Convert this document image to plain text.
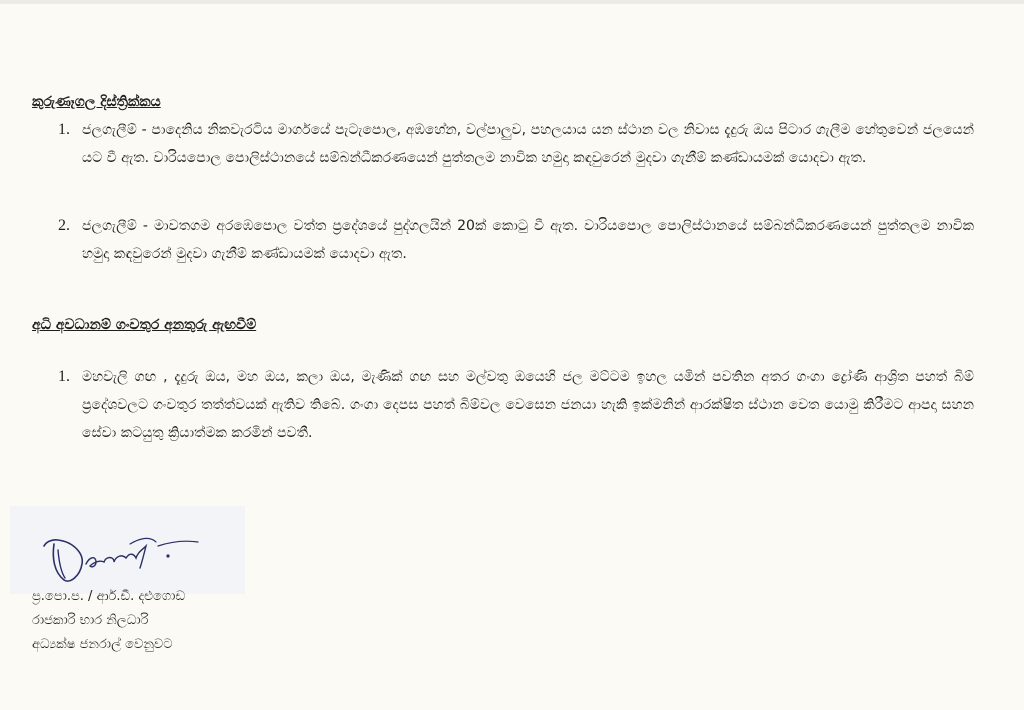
කුරුණෑගල දිස්ත්‍රික්කය
1. ජලගැලීම් - පාදෙනිය නිකවැරටිය මාර්ගයේ පැටැපොල, අඹහේන, වල්පාලුව, පහලයාය යන ස්ථාන වල නිවාස දැදුරු ඔය පිටාර ගැලීම හේතුවෙන් ජලයෙන් යට වී ඇත. වාරියපොල පොලිස්ථානයේ සම්බන්ධීකරණයෙන් පුත්තලම නාවික හමුදා කඳවුරෙන් මුදවා ගැනීම් කණ්ඩායමක් යොදවා ඇත.
2. ජලගැලීම් - මාවතගම අරඹෙපොල වත්ත ප්‍රදේශයේ පුද්ගලයින් 20ක් කොටු වී ඇත. වාරියපොල පොලිස්ථානයේ සම්බන්ධීකරණයෙන් පුත්තලම නාවික හමුදා කඳවුරෙන් මුදවා ගැනීම් කණ්ඩායමක් යොදවා ඇත.
අධි අවධානම් ගංවතුර අනතුරු ඇඟවීම්
1. මහවැලි ගඟ , දැදුරු ඔය, මහ ඔය, කලා ඔය, මැණික් ගඟ සහ මල්වතු ඔයෙහි ජල මට්ටම ඉහල යමින් පවතින අතර ගංගා ද්‍රෝණි ආශ්‍රිත පහත් බිම් ප්‍රදේශවලට ගංවතුර තත්ත්වයක් ඇතිව තිබේ. ගංගා දෙපස පහත් බිම්වල වෙසෙන ජනයා හැකි ඉක්මනින් ආරක්ෂිත ස්ථාන වෙත යොමු කිරීමට ආපදා සහන සේවා කටයුතු ක්‍රියාත්මක කරමින් පවතී.
ප්‍ර.පො.ප. / ආර්.ඩී. දළුගොඩ
රාජකාරි භාර නිලධාරි
අධ්‍යක්ෂ ජනරාල් වෙනුවට
